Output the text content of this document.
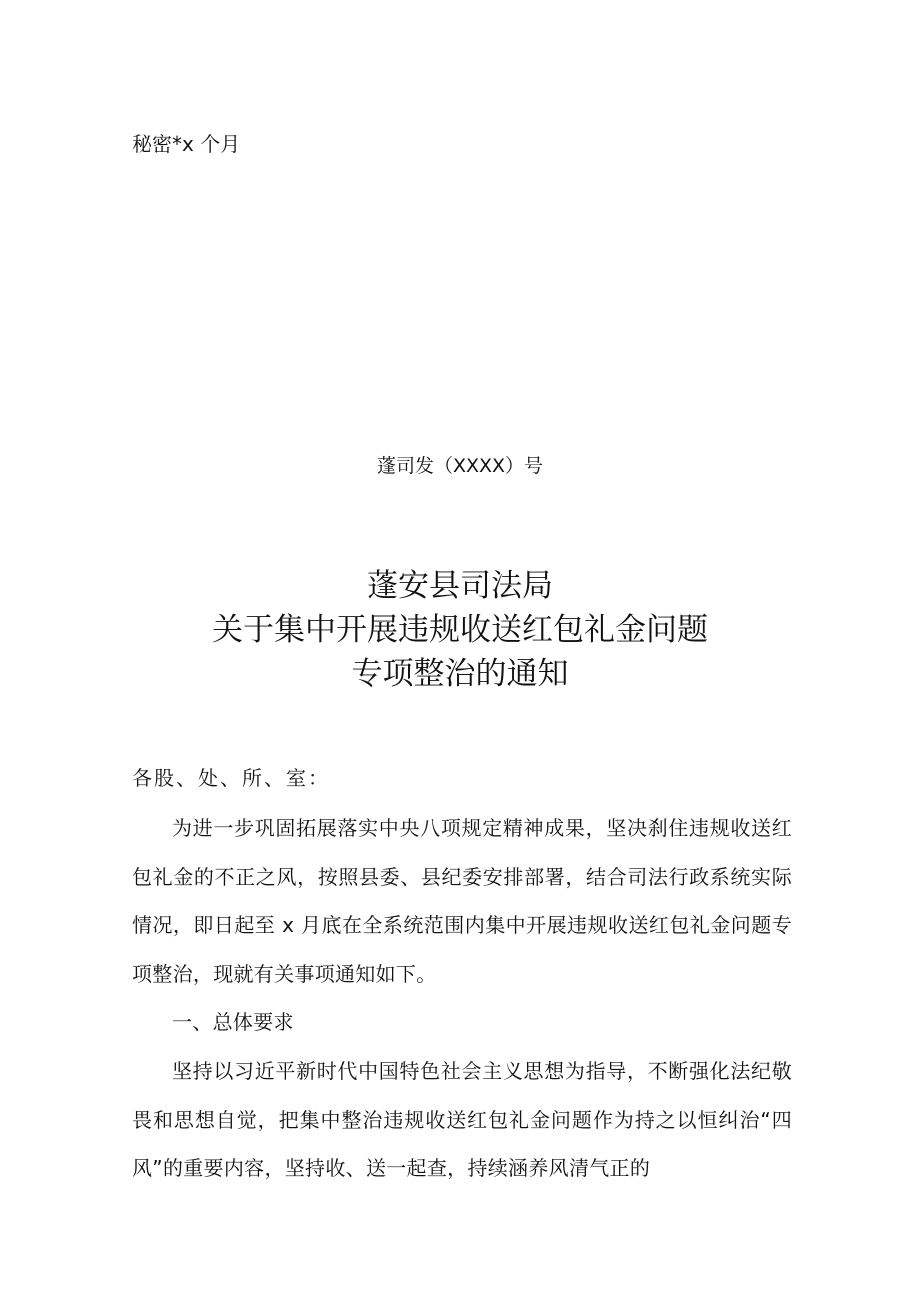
秘密*x 个月
蓬司发（XXXX）号
蓬安县司法局
关于集中开展违规收送红包礼金问题
专项整治的通知
各股、处、所、室：

为进一步巩固拓展落实中央八项规定精神成果，坚决刹住违规收送红包礼金的不正之风，按照县委、县纪委安排部署，结合司法行政系统实际情况，即日起至 x 月底在全系统范围内集中开展违规收送红包礼金问题专项整治，现就有关事项通知如下。

一、总体要求

坚持以习近平新时代中国特色社会主义思想为指导，不断强化法纪敬畏和思想自觉，把集中整治违规收送红包礼金问题作为持之以恒纠治“四风”的重要内容，坚持收、送一起查，持续涵养风清气正的
